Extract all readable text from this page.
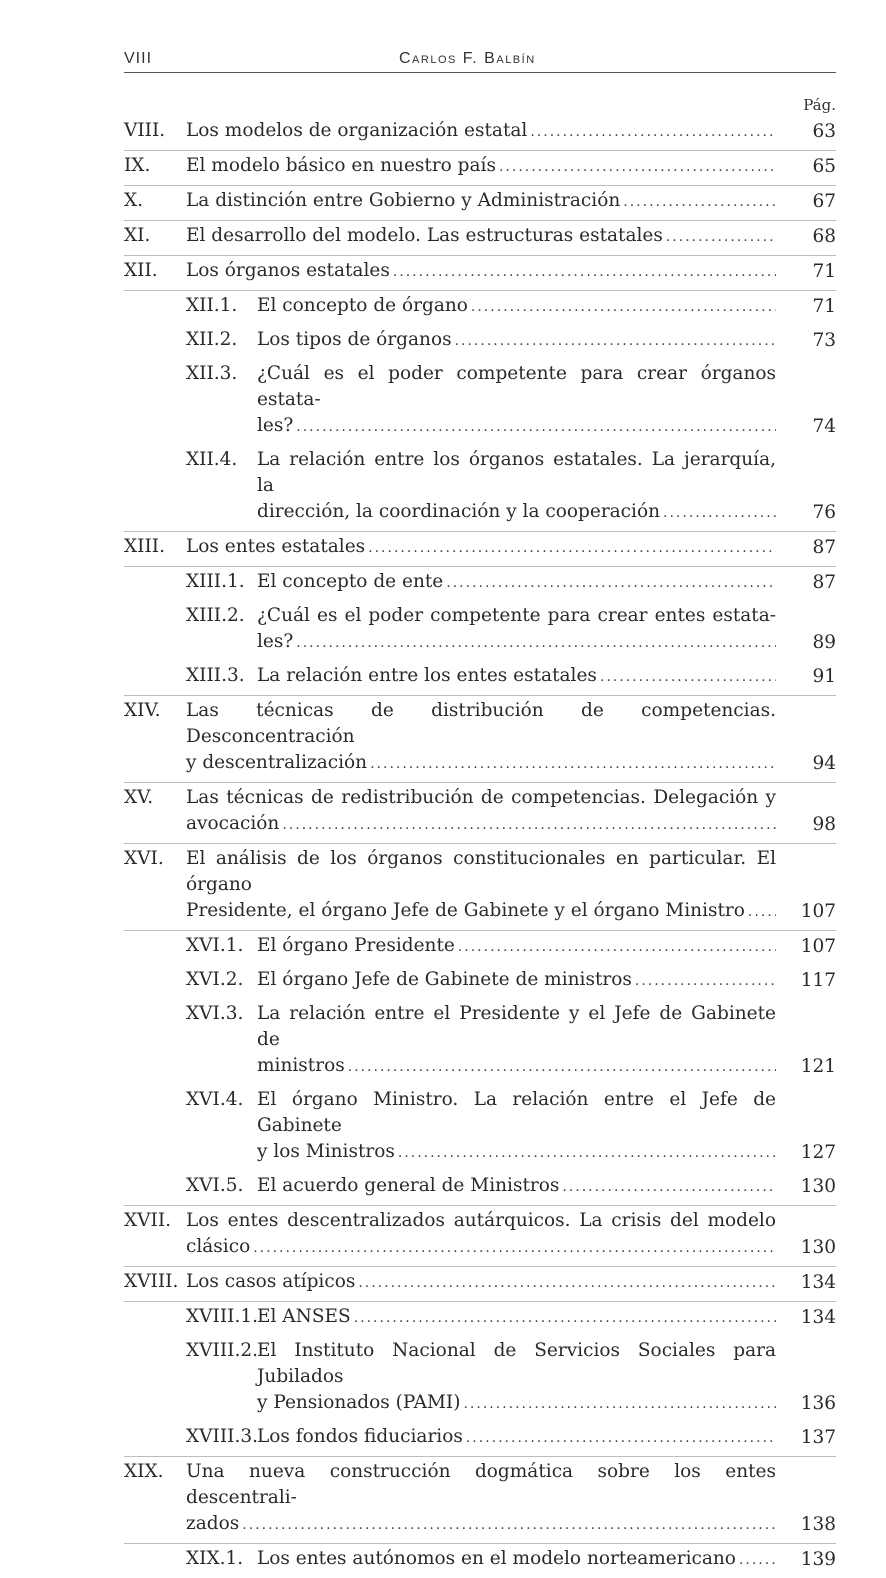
VIII	Carlos F. Balbín
Pág.
VIII. Los modelos de organización estatal .....	63
IX. El modelo básico en nuestro país .....	65
X. La distinción entre Gobierno y Administración .....	67
XI. El desarrollo del modelo. Las estructuras estatales .....	68
XII. Los órganos estatales .....	71
XII.1. El concepto de órgano .....	71
XII.2. Los tipos de órganos .....	73
XII.3. ¿Cuál es el poder competente para crear órganos estata-
les? .....	74
XII.4. La relación entre los órganos estatales. La jerarquía, la
dirección, la coordinación y la cooperación .....	76
XIII. Los entes estatales .....	87
XIII.1. El concepto de ente .....	87
XIII.2. ¿Cuál es el poder competente para crear entes estata-
les? .....	89
XIII.3. La relación entre los entes estatales .....	91
XIV. Las técnicas de distribución de competencias. Desconcentración
y descentralización .....	94
XV. Las técnicas de redistribución de competencias. Delegación y
avocación .....	98
XVI. El análisis de los órganos constitucionales en particular. El órgano
Presidente, el órgano Jefe de Gabinete y el órgano Ministro .....	107
XVI.1. El órgano Presidente .....	107
XVI.2. El órgano Jefe de Gabinete de ministros .....	117
XVI.3. La relación entre el Presidente y el Jefe de Gabinete de
ministros .....	121
XVI.4. El órgano Ministro. La relación entre el Jefe de Gabinete
y los Ministros .....	127
XVI.5. El acuerdo general de Ministros .....	130
XVII. Los entes descentralizados autárquicos. La crisis del modelo
clásico .....	130
XVIII. Los casos atípicos .....	134
XVIII.1. El ANSES .....	134
XVIII.2. El Instituto Nacional de Servicios Sociales para Jubilados
y Pensionados (PAMI) .....	136
XVIII.3. Los fondos fiduciarios .....	137
XIX. Una nueva construcción dogmática sobre los entes descentrali-
zados .....	138
XIX.1. Los entes autónomos en el modelo norteamericano .....	139
